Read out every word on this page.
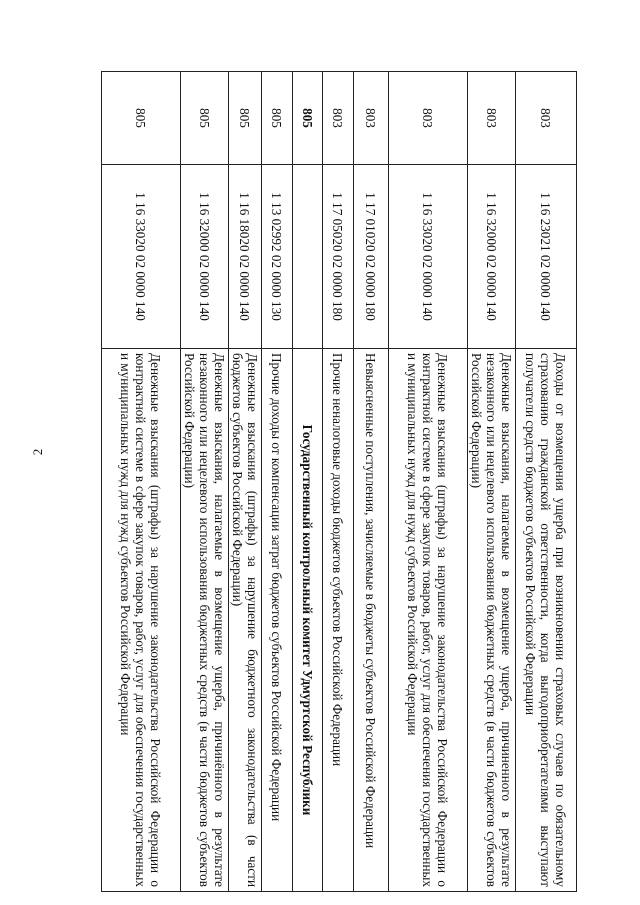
2
803	1 16 23021 02 0000 140	Доходы от возмещения ущерба при возникновении страховых случаев по обязательному страхованию гражданской ответственности, когда выгодоприобретателями выступают получатели средств бюджетов субъектов Российской Федерации
803	1 16 32000 02 0000 140	Денежные взыскания, налагаемые в возмещение ущерба, причиненного в результате незаконного или нецелевого использования бюджетных средств (в части бюджетов субъектов Российской Федерации)
803	1 16 33020 02 0000 140	Денежные взыскания (штрафы) за нарушение законодательства Российской Федерации о контрактной системе в сфере закупок товаров, работ, услуг для обеспечения государственных и муниципальных нужд для нужд субъектов Российской Федерации
803	1 17 01020 02 0000 180	Невыясненные поступления, зачисляемые в бюджеты субъектов Российской Федерации
803	1 17 05020 02 0000 180	Прочие неналоговые доходы бюджетов субъектов Российской Федерации
805		Государственный контрольный комитет Удмуртской Республики
805	1 13 02992 02 0000 130	Прочие доходы от компенсации затрат бюджетов субъектов Российской Федерации
805	1 16 18020 02 0000 140	Денежные взыскания (штрафы) за нарушение бюджетного законодательства (в части бюджетов субъектов Российской Федерации)
805	1 16 32000 02 0000 140	Денежные взыскания, налагаемые в возмещение ущерба, причинённого в результате незаконного или нецелевого использования бюджетных средств (в части бюджетов субъектов Российской Федерации)
805	1 16 33020 02 0000 140	Денежные взыскания (штрафы) за нарушение законодательства Российской Федерации о контрактной системе в сфере закупок товаров, работ, услуг для обеспечения государственных и муниципальных нужд для нужд субъектов Российской Федерации
